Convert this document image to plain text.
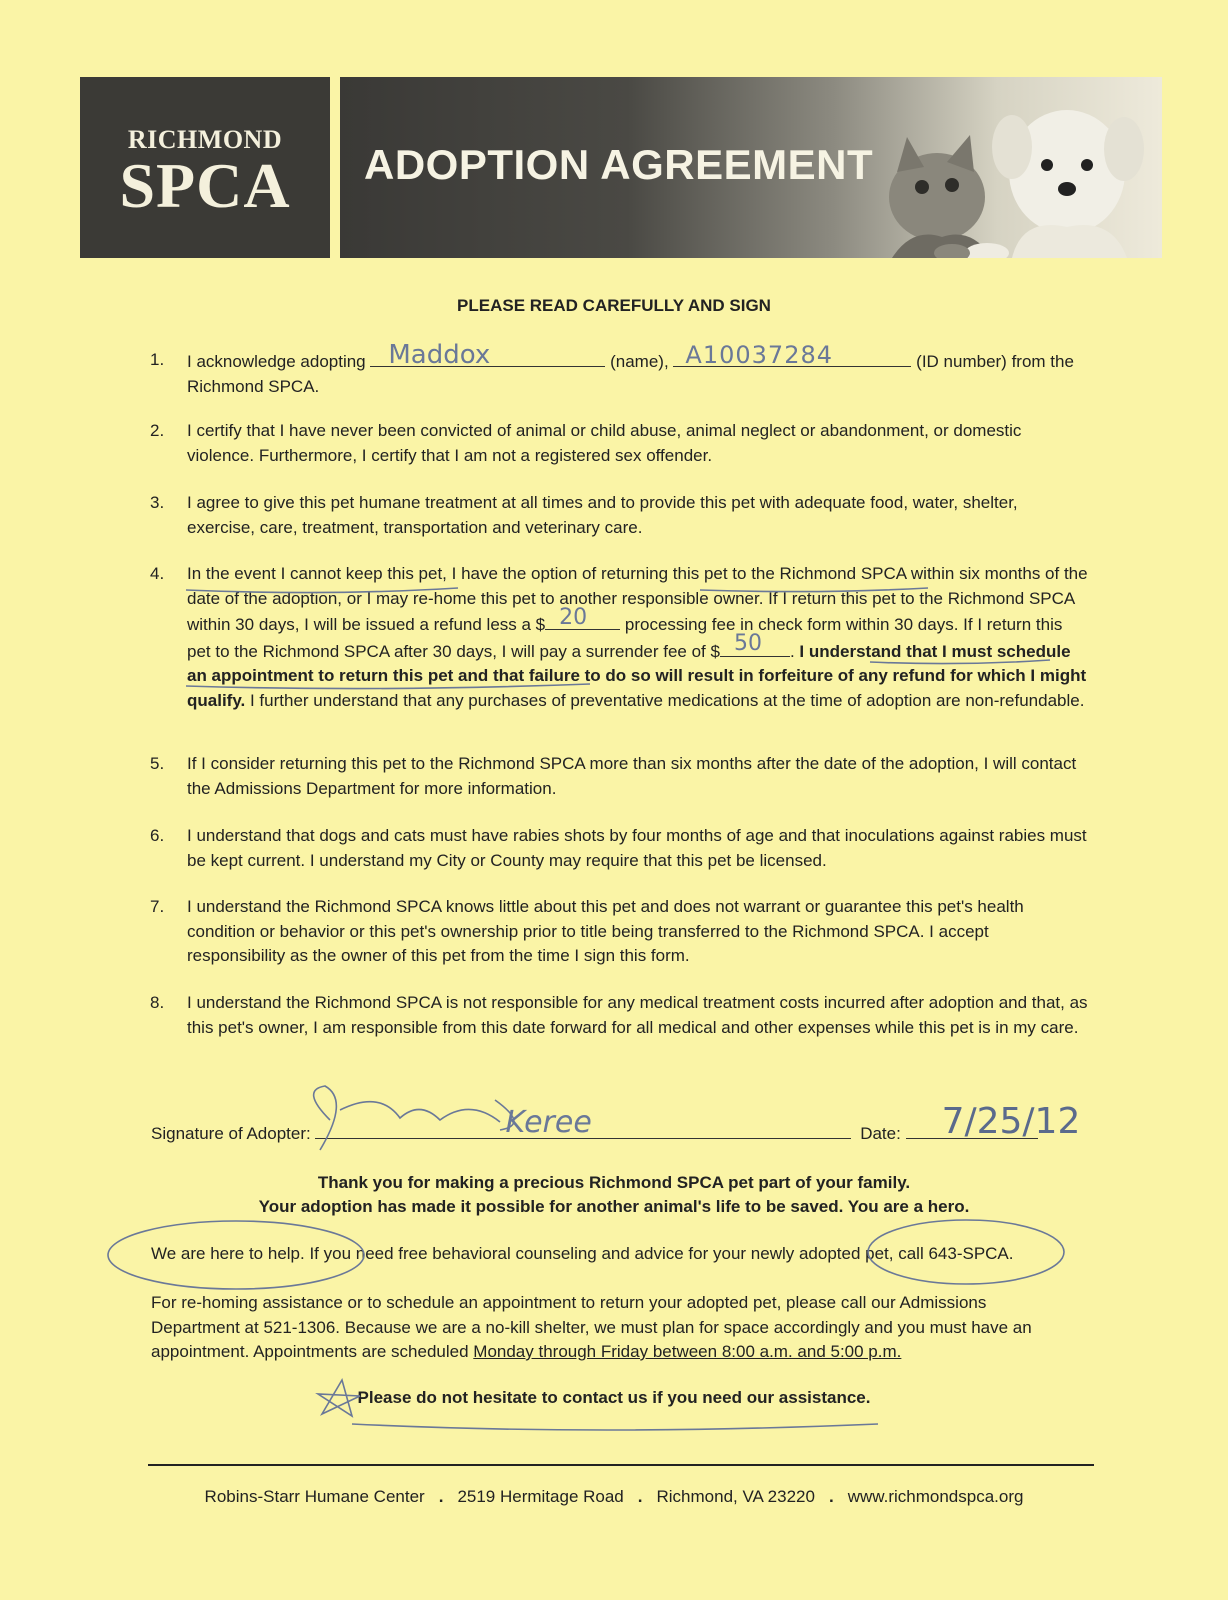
RICHMOND
SPCA	ADOPTION AGREEMENT
PLEASE READ CAREFULLY AND SIGN
1. I acknowledge adopting Maddox	(name), A10037284	(ID number) from the
Richmond SPCA.
2. I certify that I have never been convicted of animal or child abuse, animal neglect or abandonment, or domestic violence. Furthermore, I certify that I am not a registered sex offender.
3. I agree to give this pet humane treatment at all times and to provide this pet with adequate food, water, shelter, exercise, care, treatment, transportation and veterinary care.
4. In the event I cannot keep this pet, I have the option of returning this pet to the Richmond SPCA within six months of the date of the adoption, or I may re-home this pet to another responsible owner. If I return this pet to the Richmond SPCA within 30 days, I will be issued a refund less a $ 20 processing fee in check form within 30 days. If I return this pet to the Richmond SPCA after 30 days, I will pay a surrender fee of $ 50 . I understand that I must schedule an appointment to return this pet and that failure to do so will result in forfeiture of any refund for which I might qualify. I further understand that any purchases of preventative medications at the time of adoption are non-refundable.
5. If I consider returning this pet to the Richmond SPCA more than six months after the date of the adoption, I will contact the Admissions Department for more information.
6. I understand that dogs and cats must have rabies shots by four months of age and that inoculations against rabies must be kept current. I understand my City or County may require that this pet be licensed.
7. I understand the Richmond SPCA knows little about this pet and does not warrant or guarantee this pet's health condition or behavior or this pet's ownership prior to title being transferred to the Richmond SPCA. I accept responsibility as the owner of this pet from the time I sign this form.
8. I understand the Richmond SPCA is not responsible for any medical treatment costs incurred after adoption and that, as this pet's owner, I am responsible from this date forward for all medical and other expenses while this pet is in my care.
Signature of Adopter:	Keree	Date: 7/25/12
Thank you for making a precious Richmond SPCA pet part of your family.
Your adoption has made it possible for another animal's life to be saved. You are a hero.
We are here to help. If you need free behavioral counseling and advice for your newly adopted pet, call 643-SPCA.
For re-homing assistance or to schedule an appointment to return your adopted pet, please call our Admissions Department at 521-1306. Because we are a no-kill shelter, we must plan for space accordingly and you must have an appointment. Appointments are scheduled Monday through Friday between 8:00 a.m. and 5:00 p.m.
Please do not hesitate to contact us if you need our assistance.
Robins-Starr Humane Center . 2519 Hermitage Road . Richmond, VA 23220 . www.richmondspca.org
